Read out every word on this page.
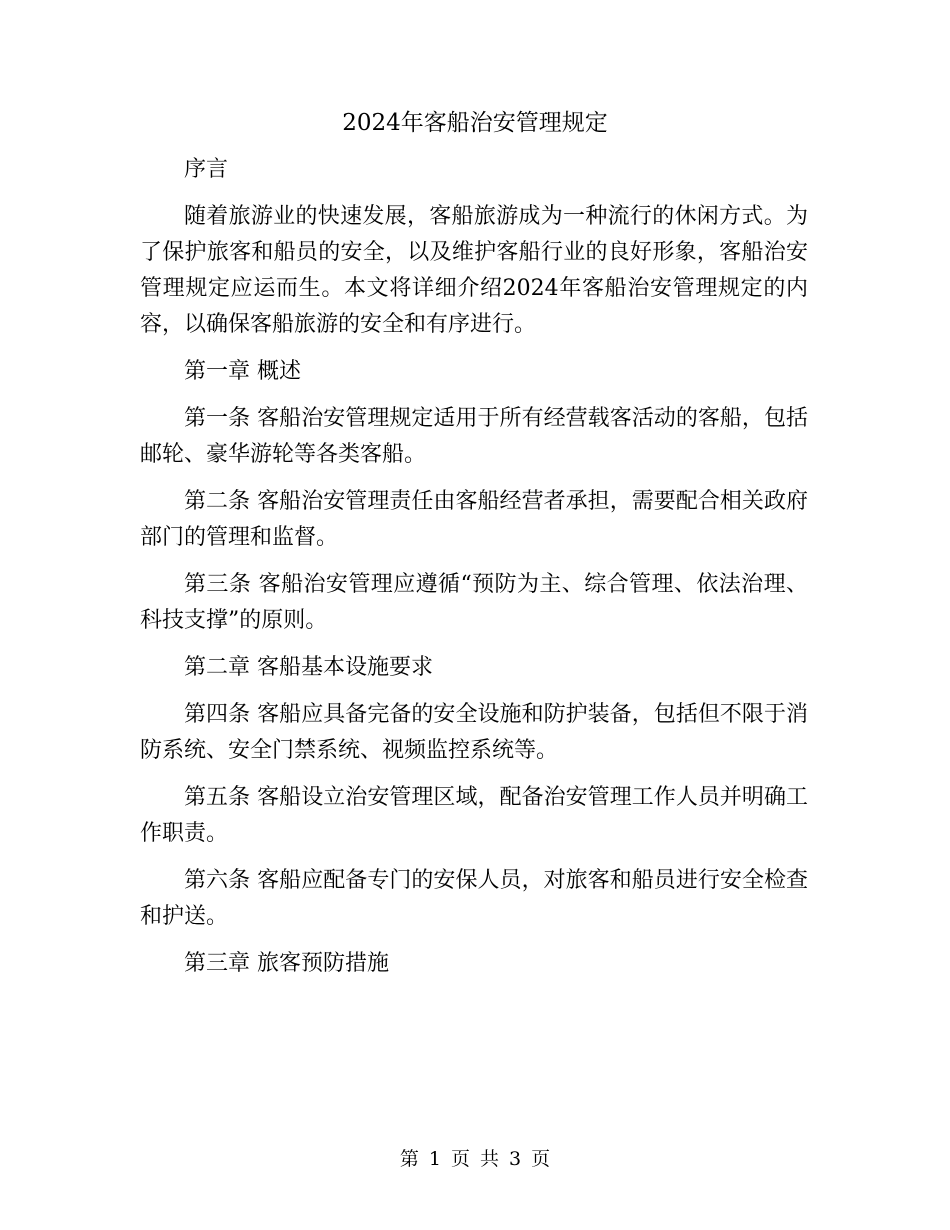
2024年客船治安管理规定

序言

随着旅游业的快速发展，客船旅游成为一种流行的休闲方式。为了保护旅客和船员的安全，以及维护客船行业的良好形象，客船治安管理规定应运而生。本文将详细介绍2024年客船治安管理规定的内容，以确保客船旅游的安全和有序进行。

第一章 概述

第一条 客船治安管理规定适用于所有经营载客活动的客船，包括邮轮、豪华游轮等各类客船。

第二条 客船治安管理责任由客船经营者承担，需要配合相关政府部门的管理和监督。

第三条 客船治安管理应遵循“预防为主、综合管理、依法治理、科技支撑”的原则。

第二章 客船基本设施要求

第四条 客船应具备完备的安全设施和防护装备，包括但不限于消防系统、安全门禁系统、视频监控系统等。

第五条 客船设立治安管理区域，配备治安管理工作人员并明确工作职责。

第六条 客船应配备专门的安保人员，对旅客和船员进行安全检查和护送。

第三章 旅客预防措施

第 1 页 共 3 页
